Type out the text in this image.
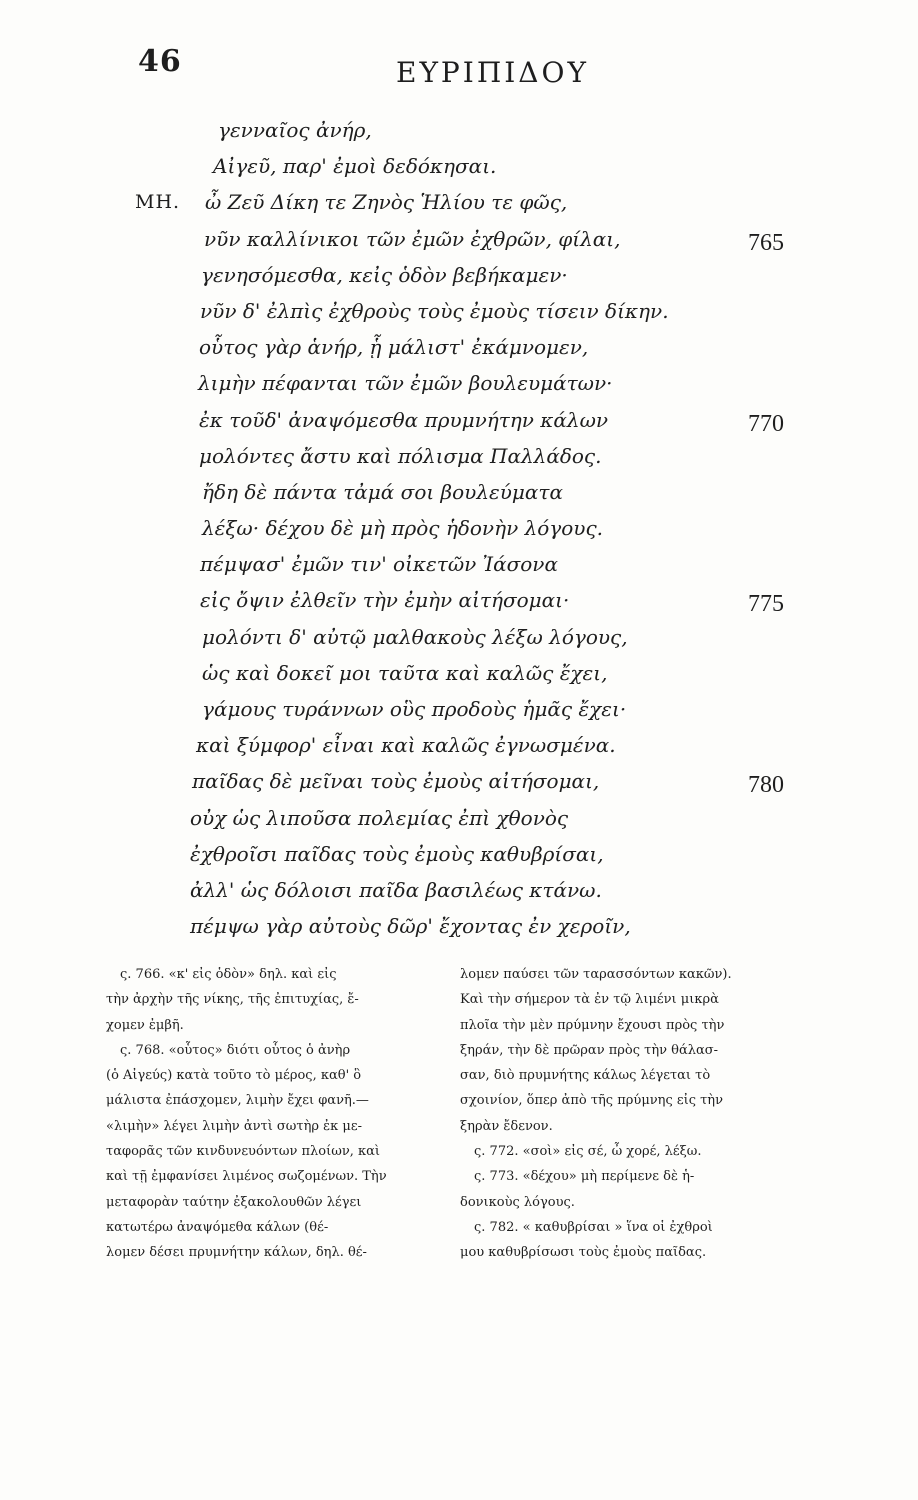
46	ΕΥΡΙΠΙΔΟΥ
γενναῖος ἀνήρ,
Αἰγεῦ, παρ' ἐμοὶ δεδόκησαι.
ΜΗ. ὦ Ζεῦ Δίκη τε Ζηνὸς Ἡλίου τε φῶς,
νῦν καλλίνικοι τῶν ἐμῶν ἐχθρῶν, φίλαι,	765
γενησόμεσθα, κεἰς ὁδὸν βεβήκαμεν·
νῦν δ' ἐλπὶς ἐχθροὺς τοὺς ἐμοὺς τίσειν δίκην.
οὗτος γὰρ ἁνήρ, ᾗ μάλιστ' ἐκάμνομεν,
λιμὴν πέφανται τῶν ἐμῶν βουλευμάτων·
ἐκ τοῦδ' ἀναψόμεσθα πρυμνήτην κάλων	770
μολόντες ἄστυ καὶ πόλισμα Παλλάδος.
ἤδη δὲ πάντα τἀμά σοι βουλεύματα
λέξω· δέχου δὲ μὴ πρὸς ἡδονὴν λόγους.
πέμψασ' ἐμῶν τιν' οἰκετῶν Ἰάσονα
εἰς ὄψιν ἐλθεῖν τὴν ἐμὴν αἰτήσομαι·	775
μολόντι δ' αὐτῷ μαλθακοὺς λέξω λόγους,
ὡς καὶ δοκεῖ μοι ταῦτα καὶ καλῶς ἔχει,
γάμους τυράννων οὓς προδοὺς ἡμᾶς ἔχει·
καὶ ξύμφορ' εἶναι καὶ καλῶς ἐγνωσμένα.
παῖδας δὲ μεῖναι τοὺς ἐμοὺς αἰτήσομαι,	780
οὐχ ὡς λιποῦσα πολεμίας ἐπὶ χθονὸς
ἐχθροῖσι παῖδας τοὺς ἐμοὺς καθυβρίσαι,
ἀλλ' ὡς δόλοισι παῖδα βασιλέως κτάνω.
πέμψω γὰρ αὐτοὺς δῶρ' ἔχοντας ἐν χεροῖν,
ς. 766. «κ' εἰς ὁδὸν» δηλ. καὶ εἰς
τὴν ἀρχὴν τῆς νίκης, τῆς ἐπιτυχίας, ἔ-
χομεν ἐμβῆ.
ς. 768. «οὗτος» διότι οὗτος ὁ ἀνὴρ
(ὁ Αἰγεύς) κατὰ τοῦτο τὸ μέρος, καθ' ὃ
μάλιστα ἐπάσχομεν, λιμὴν ἔχει φανῆ.—
«λιμὴν» λέγει λιμὴν ἀντὶ σωτὴρ ἐκ με-
ταφορᾶς τῶν κινδυνευόντων πλοίων, καὶ
καὶ τῇ ἐμφανίσει λιμένος σωζομένων. Τὴν
μεταφορὰν ταύτην ἐξακολουθῶν λέγει
κατωτέρω ἀναψόμεθα κάλων (θέ-
λομεν δέσει πρυμνήτην κάλων, δηλ. θέ-
λομεν παύσει τῶν ταρασσόντων κακῶν).
Καὶ τὴν σήμερον τὰ ἐν τῷ λιμένι μικρὰ
πλοῖα τὴν μὲν πρύμνην ἔχουσι πρὸς τὴν
ξηράν, τὴν δὲ πρῶραν πρὸς τὴν θάλασ-
σαν, διὸ πρυμνήτης κάλως λέγεται τὸ
σχοινίον, ὅπερ ἀπὸ τῆς πρύμνης εἰς τὴν
ξηρὰν ἔδενον.
ς. 772. «σοὶ» εἰς σέ, ὦ χορέ, λέξω.
ς. 773. «δέχου» μὴ περίμενε δὲ ἡ-
δονικοὺς λόγους.
ς. 782. « καθυβρίσαι » ἵνα οἱ ἐχθροὶ
μου καθυβρίσωσι τοὺς ἐμοὺς παῖδας.
